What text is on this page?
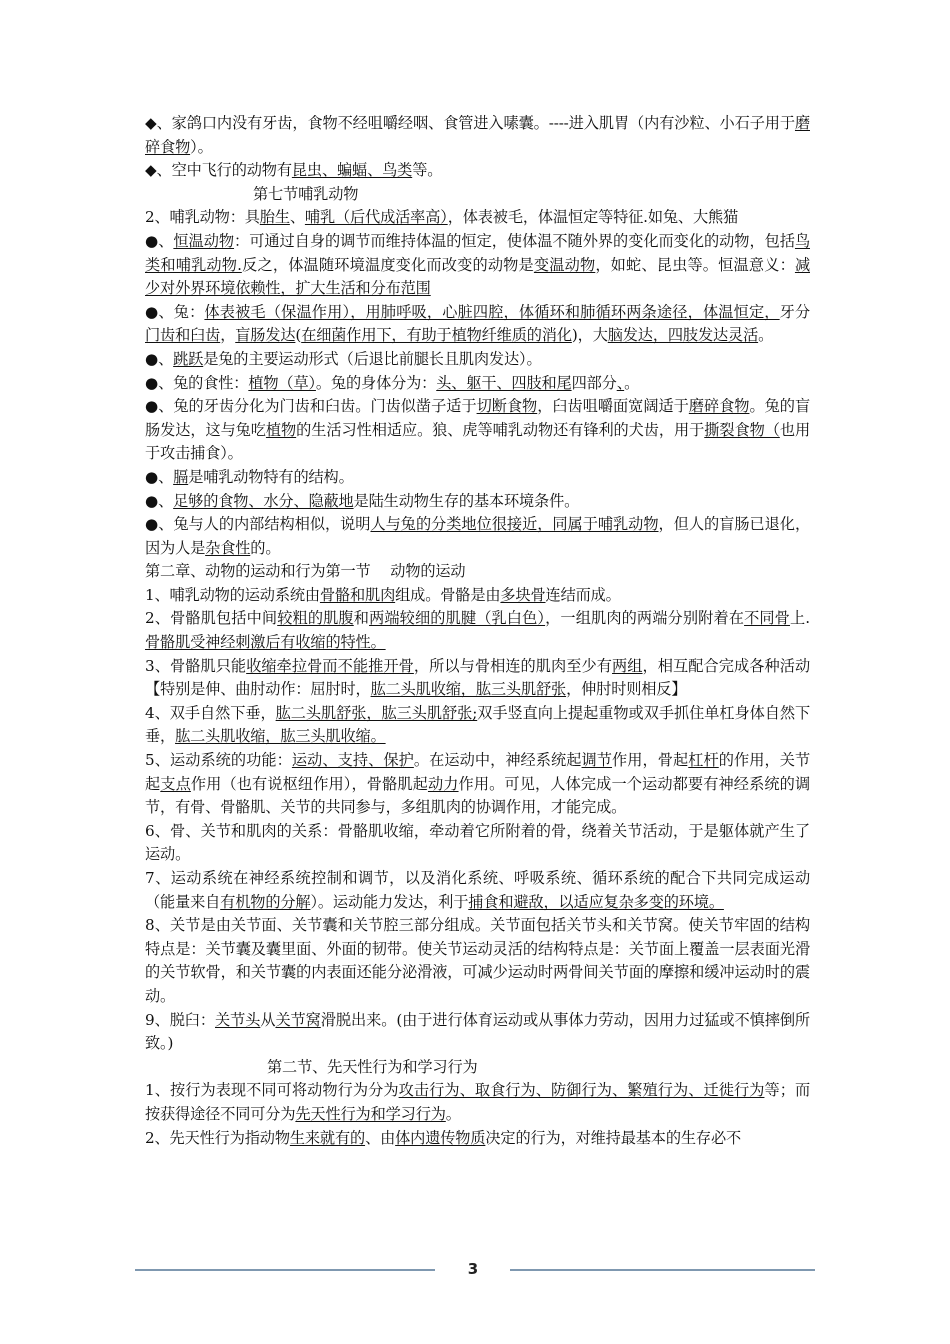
◆、家鸽口内没有牙齿，食物不经咀嚼经咽、食管进入嗉囊。----进入肌胃（内有沙粒、小石子用于磨碎食物）。

◆、空中飞行的动物有昆虫、蝙蝠、鸟类等。

第七节哺乳动物

2、哺乳动物：具胎生、哺乳（后代成活率高），体表被毛，体温恒定等特征.如兔、大熊猫

●、恒温动物：可通过自身的调节而维持体温的恒定，使体温不随外界的变化而变化的动物，包括鸟类和哺乳动物.反之，体温随环境温度变化而改变的动物是变温动物，如蛇、昆虫等。恒温意义：减少对外界环境依赖性，扩大生活和分布范围

●、兔：体表被毛（保温作用），用肺呼吸，心脏四腔，体循环和肺循环两条途径，体温恒定，牙分门齿和臼齿，盲肠发达(在细菌作用下，有助于植物纤维质的消化)，大脑发达，四肢发达灵活。

●、跳跃是兔的主要运动形式（后退比前腿长且肌肉发达）。

●、兔的食性：植物（草）。兔的身体分为：头、躯干、四肢和尾四部分、。

●、兔的牙齿分化为门齿和臼齿。门齿似凿子适于切断食物，臼齿咀嚼面宽阔适于磨碎食物。兔的盲肠发达，这与兔吃植物的生活习性相适应。狼、虎等哺乳动物还有锋利的犬齿，用于撕裂食物（也用于攻击捕食）。

●、膈是哺乳动物特有的结构。

●、足够的食物、水分、隐蔽地是陆生动物生存的基本环境条件。

●、兔与人的内部结构相似，说明人与兔的分类地位很接近，同属于哺乳动物，但人的盲肠已退化，因为人是杂食性的。

第二章、动物的运动和行为第一节　 动物的运动

1、哺乳动物的运动系统由骨骼和肌肉组成。骨骼是由多块骨连结而成。

2、骨骼肌包括中间较粗的肌腹和两端较细的肌腱（乳白色），一组肌肉的两端分别附着在不同骨上.骨骼肌受神经刺激后有收缩的特性。

3、骨骼肌只能收缩牵拉骨而不能推开骨，所以与骨相连的肌肉至少有两组，相互配合完成各种活动【特别是伸、曲肘动作：屈肘时，肱二头肌收缩，肱三头肌舒张，伸肘时则相反】

4、双手自然下垂，肱二头肌舒张，肱三头肌舒张;双手竖直向上提起重物或双手抓住单杠身体自然下垂，肱二头肌收缩，肱三头肌收缩。

5、运动系统的功能：运动、支持、保护。在运动中，神经系统起调节作用，骨起杠杆的作用，关节起支点作用（也有说枢纽作用），骨骼肌起动力作用。可见，人体完成一个运动都要有神经系统的调节，有骨、骨骼肌、关节的共同参与，多组肌肉的协调作用，才能完成。

6、骨、关节和肌肉的关系：骨骼肌收缩，牵动着它所附着的骨，绕着关节活动，于是躯体就产生了运动。

7、运动系统在神经系统控制和调节，以及消化系统、呼吸系统、循环系统的配合下共同完成运动（能量来自有机物的分解）。运动能力发达，利于捕食和避敌，以适应复杂多变的环境。

8、关节是由关节面、关节囊和关节腔三部分组成。关节面包括关节头和关节窝。使关节牢固的结构特点是：关节囊及囊里面、外面的韧带。使关节运动灵活的结构特点是：关节面上覆盖一层表面光滑的关节软骨，和关节囊的内表面还能分泌滑液，可减少运动时两骨间关节面的摩擦和缓冲运动时的震动。

9、脱臼：关节头从关节窝滑脱出来。(由于进行体育运动或从事体力劳动，因用力过猛或不慎摔倒所致。)

第二节、先天性行为和学习行为

1、按行为表现不同可将动物行为分为攻击行为、取食行为、防御行为、繁殖行为、迁徙行为等；而按获得途径不同可分为先天性行为和学习行为。

2、先天性行为指动物生来就有的、由体内遗传物质决定的行为，对维持最基本的生存必不

3
